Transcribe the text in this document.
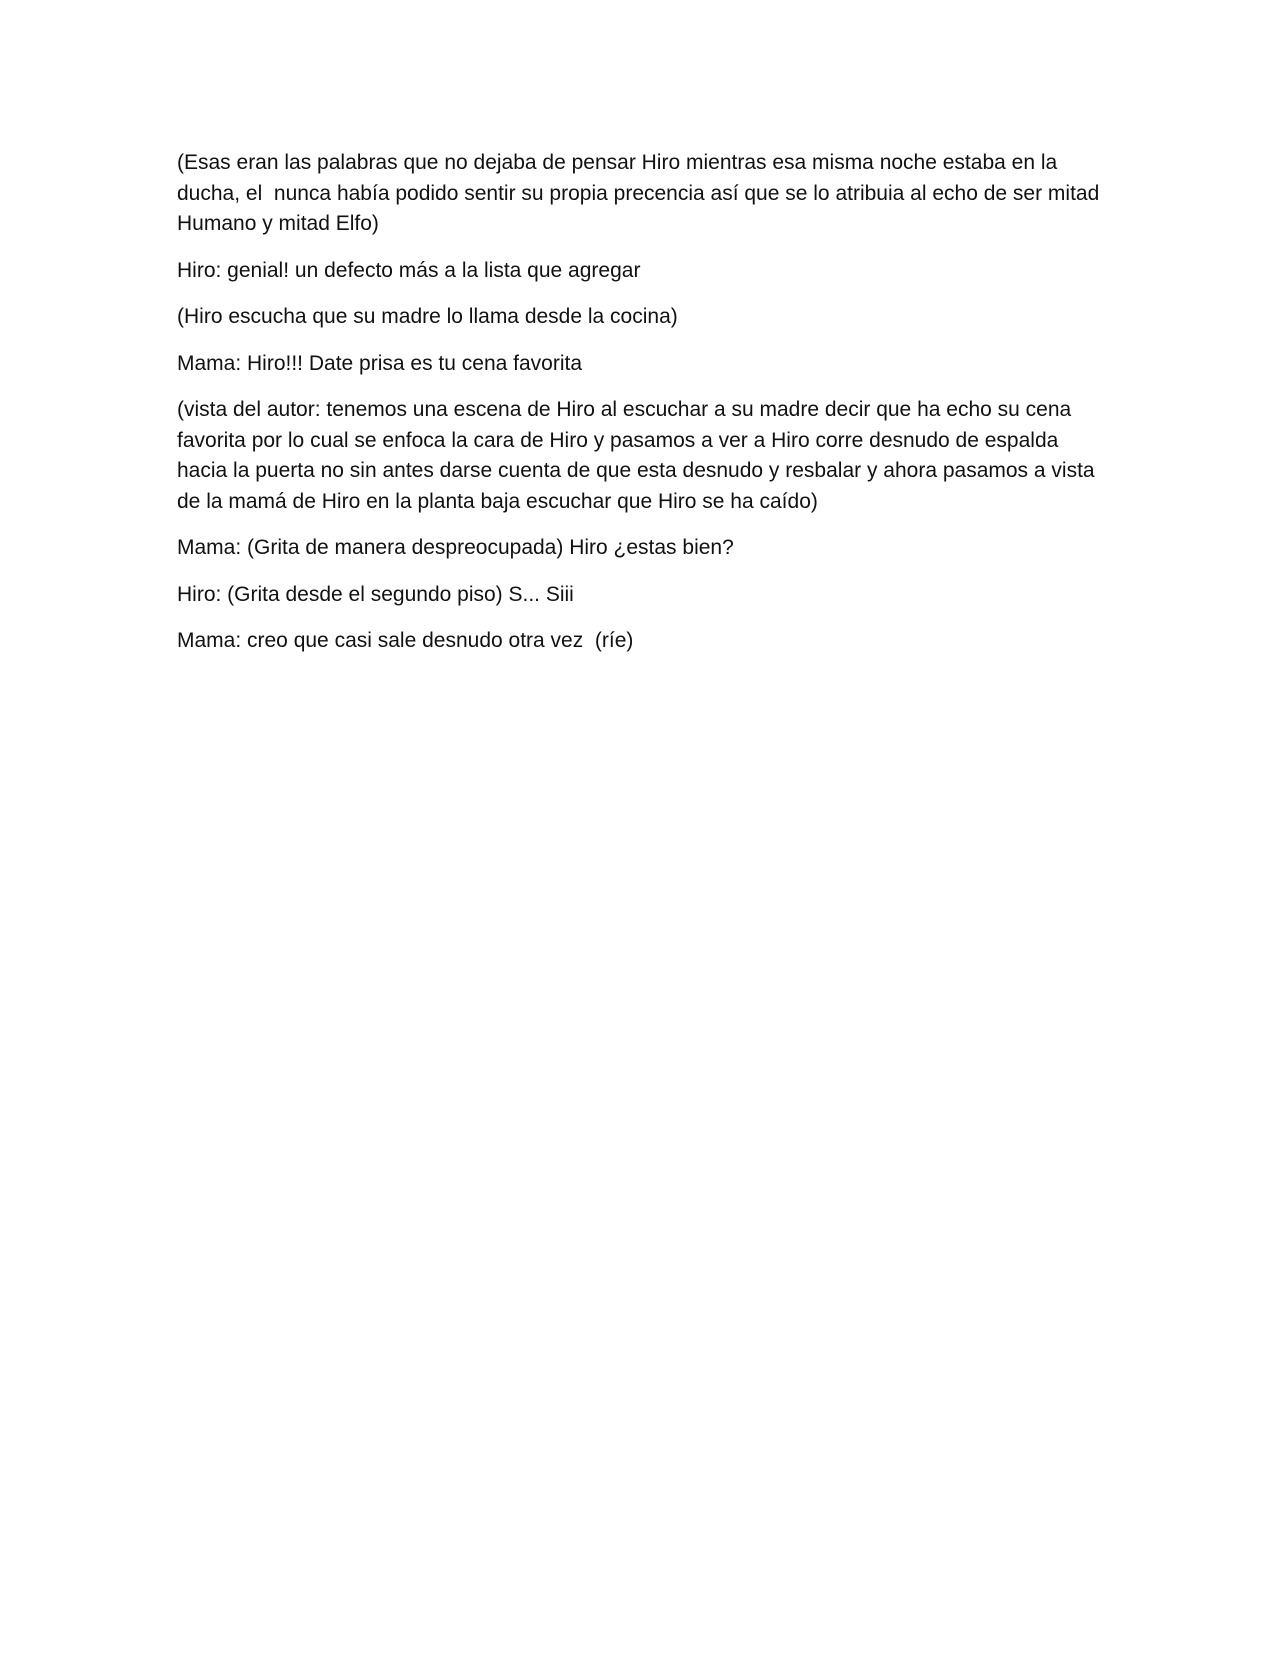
(Esas eran las palabras que no dejaba de pensar Hiro mientras esa misma noche estaba en la ducha, el  nunca había podido sentir su propia precencia así que se lo atribuia al echo de ser mitad Humano y mitad Elfo)

Hiro: genial! un defecto más a la lista que agregar

(Hiro escucha que su madre lo llama desde la cocina)

Mama: Hiro!!! Date prisa es tu cena favorita

(vista del autor: tenemos una escena de Hiro al escuchar a su madre decir que ha echo su cena favorita por lo cual se enfoca la cara de Hiro y pasamos a ver a Hiro corre desnudo de espalda hacia la puerta no sin antes darse cuenta de que esta desnudo y resbalar y ahora pasamos a vista de la mamá de Hiro en la planta baja escuchar que Hiro se ha caído)

Mama: (Grita de manera despreocupada) Hiro ¿estas bien?

Hiro: (Grita desde el segundo piso) S... Siii

Mama: creo que casi sale desnudo otra vez  (ríe)
